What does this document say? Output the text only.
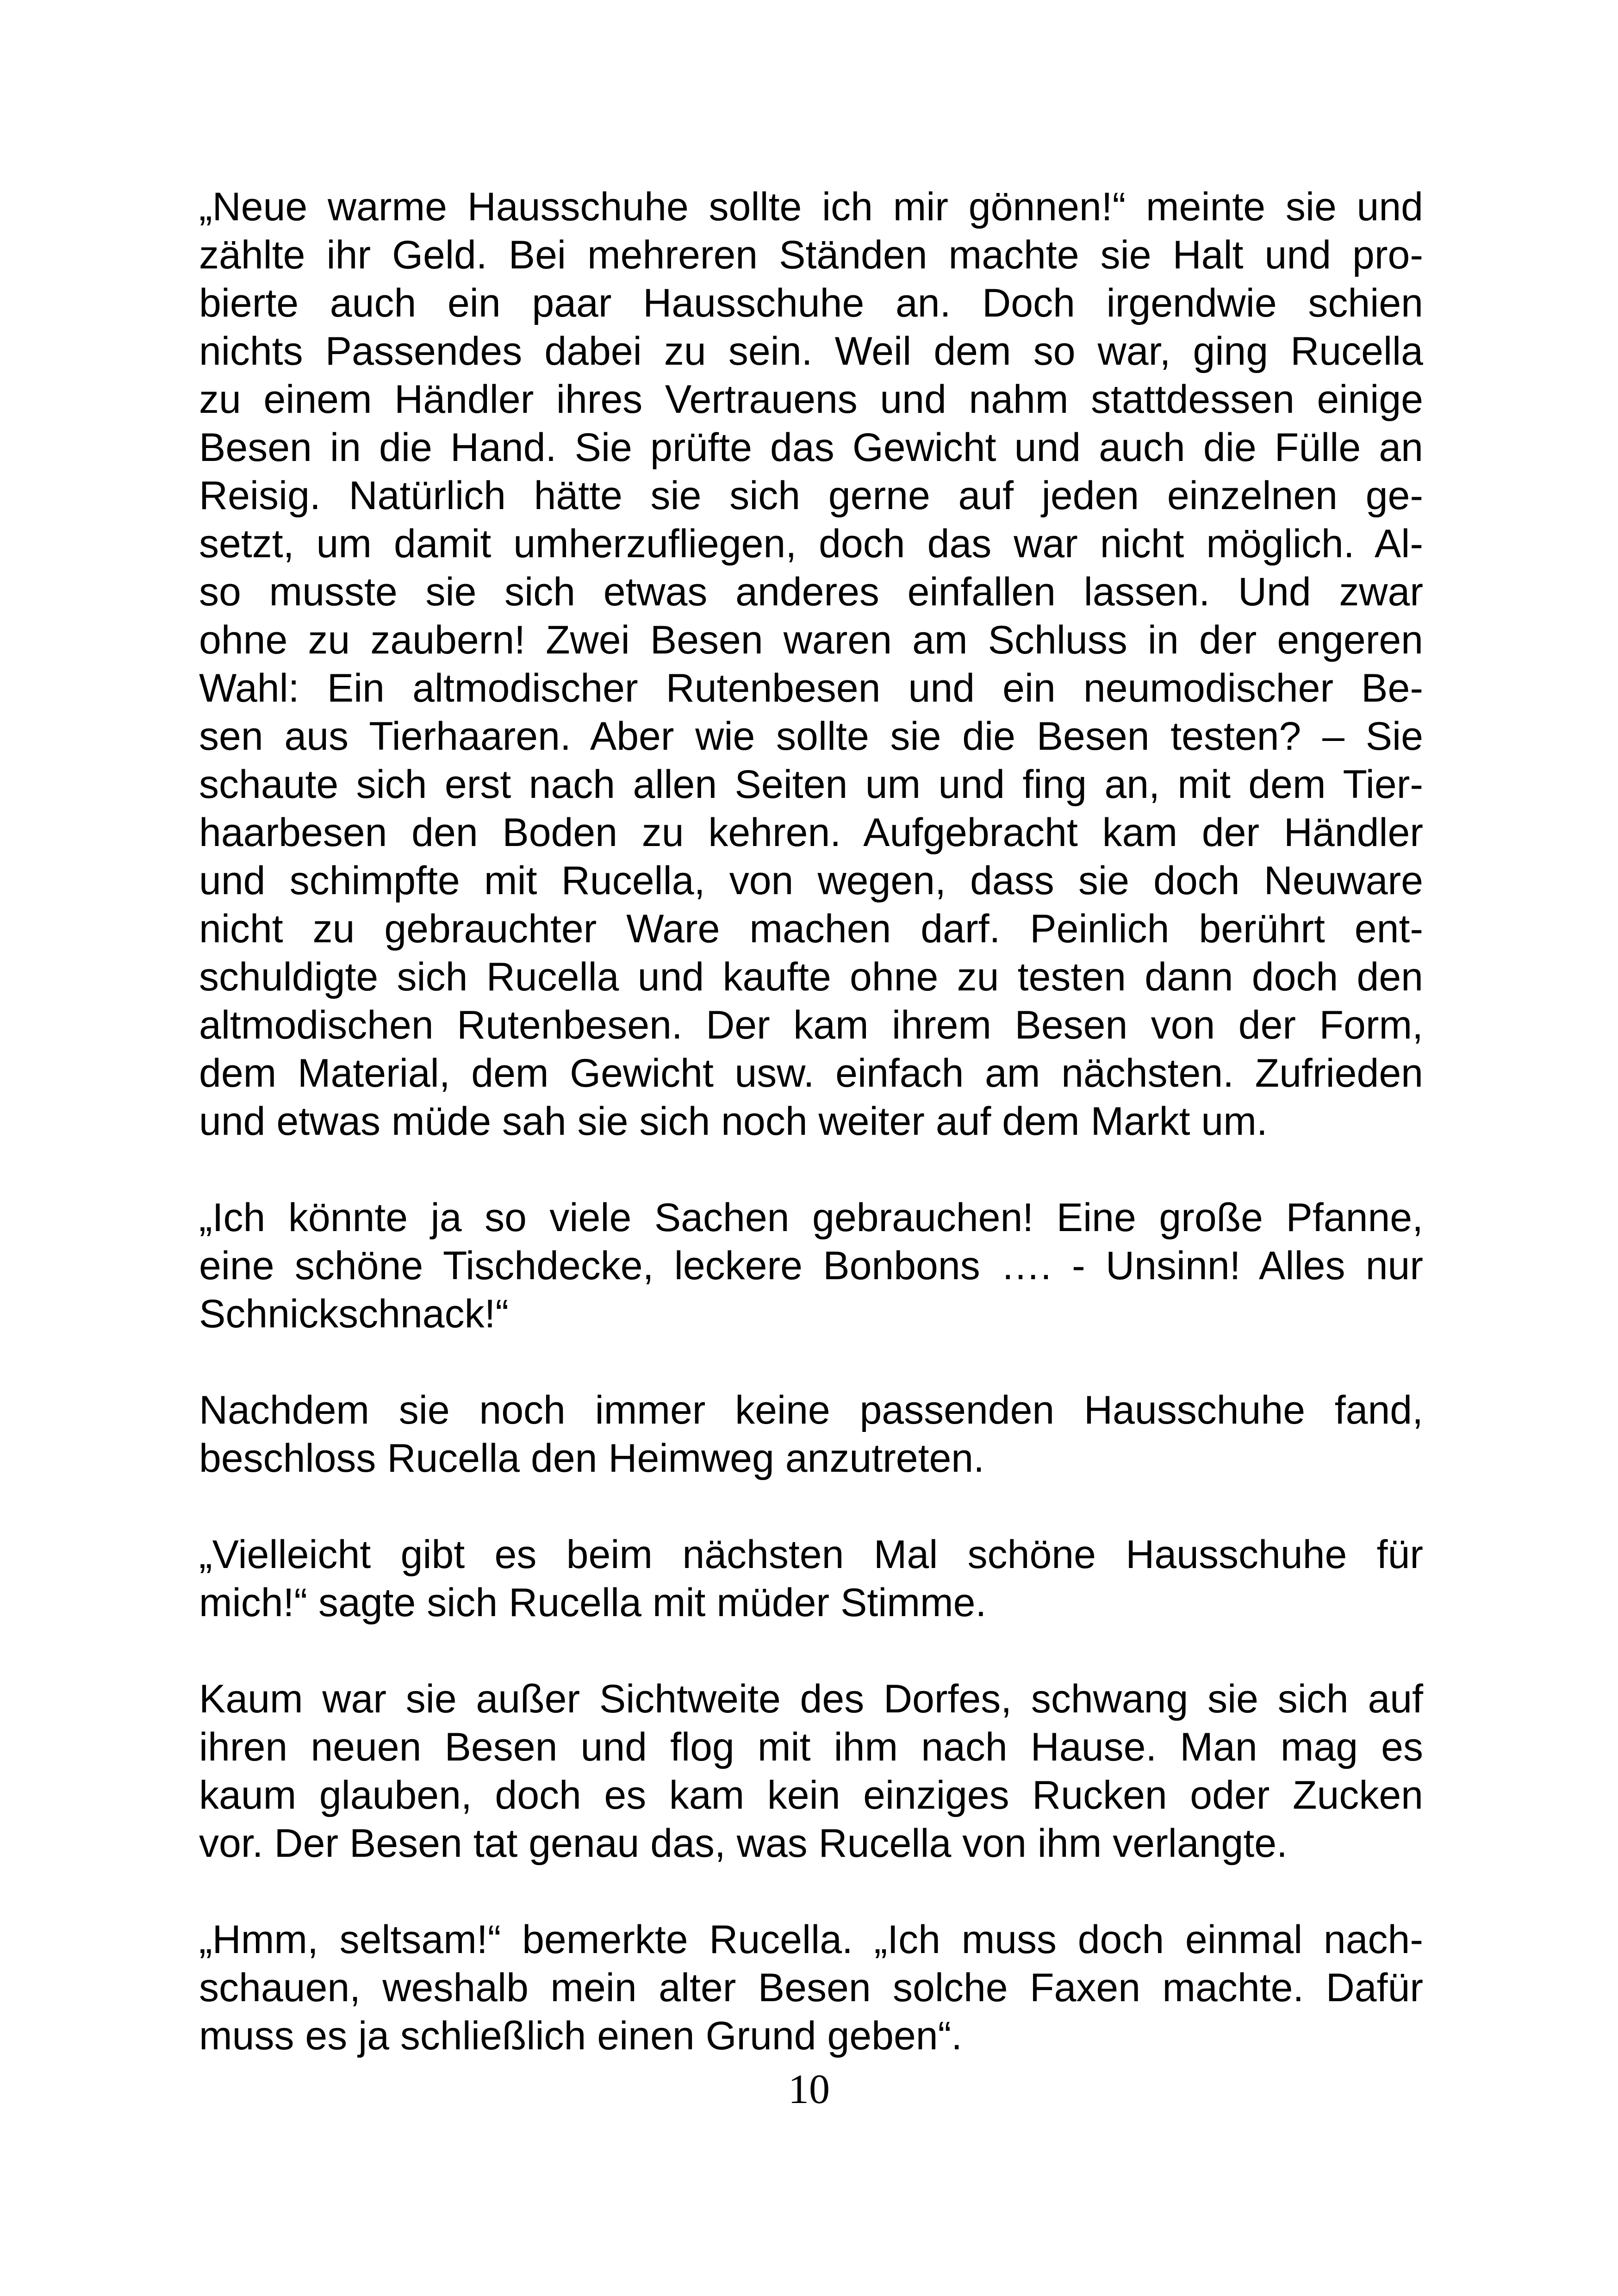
„Neue warme Hausschuhe sollte ich mir gönnen!“ meinte sie und
zählte ihr Geld. Bei mehreren Ständen machte sie Halt und pro-
bierte auch ein paar Hausschuhe an. Doch irgendwie schien
nichts Passendes dabei zu sein. Weil dem so war, ging Rucella
zu einem Händler ihres Vertrauens und nahm stattdessen einige
Besen in die Hand. Sie prüfte das Gewicht und auch die Fülle an
Reisig. Natürlich hätte sie sich gerne auf jeden einzelnen ge-
setzt, um damit umherzufliegen, doch das war nicht möglich. Al-
so musste sie sich etwas anderes einfallen lassen. Und zwar
ohne zu zaubern! Zwei Besen waren am Schluss in der engeren
Wahl: Ein altmodischer Rutenbesen und ein neumodischer Be-
sen aus Tierhaaren. Aber wie sollte sie die Besen testen? – Sie
schaute sich erst nach allen Seiten um und fing an, mit dem Tier-
haarbesen den Boden zu kehren. Aufgebracht kam der Händler
und schimpfte mit Rucella, von wegen, dass sie doch Neuware
nicht zu gebrauchter Ware machen darf. Peinlich berührt ent-
schuldigte sich Rucella und kaufte ohne zu testen dann doch den
altmodischen Rutenbesen. Der kam ihrem Besen von der Form,
dem Material, dem Gewicht usw. einfach am nächsten. Zufrieden
und etwas müde sah sie sich noch weiter auf dem Markt um.
„Ich könnte ja so viele Sachen gebrauchen! Eine große Pfanne,
eine schöne Tischdecke, leckere Bonbons …. - Unsinn! Alles nur
Schnickschnack!“
Nachdem sie noch immer keine passenden Hausschuhe fand,
beschloss Rucella den Heimweg anzutreten.
„Vielleicht gibt es beim nächsten Mal schöne Hausschuhe für
mich!“ sagte sich Rucella mit müder Stimme.
Kaum war sie außer Sichtweite des Dorfes, schwang sie sich auf
ihren neuen Besen und flog mit ihm nach Hause. Man mag es
kaum glauben, doch es kam kein einziges Rucken oder Zucken
vor. Der Besen tat genau das, was Rucella von ihm verlangte.
„Hmm, seltsam!“ bemerkte Rucella. „Ich muss doch einmal nach-
schauen, weshalb mein alter Besen solche Faxen machte. Dafür
muss es ja schließlich einen Grund geben“.
10
